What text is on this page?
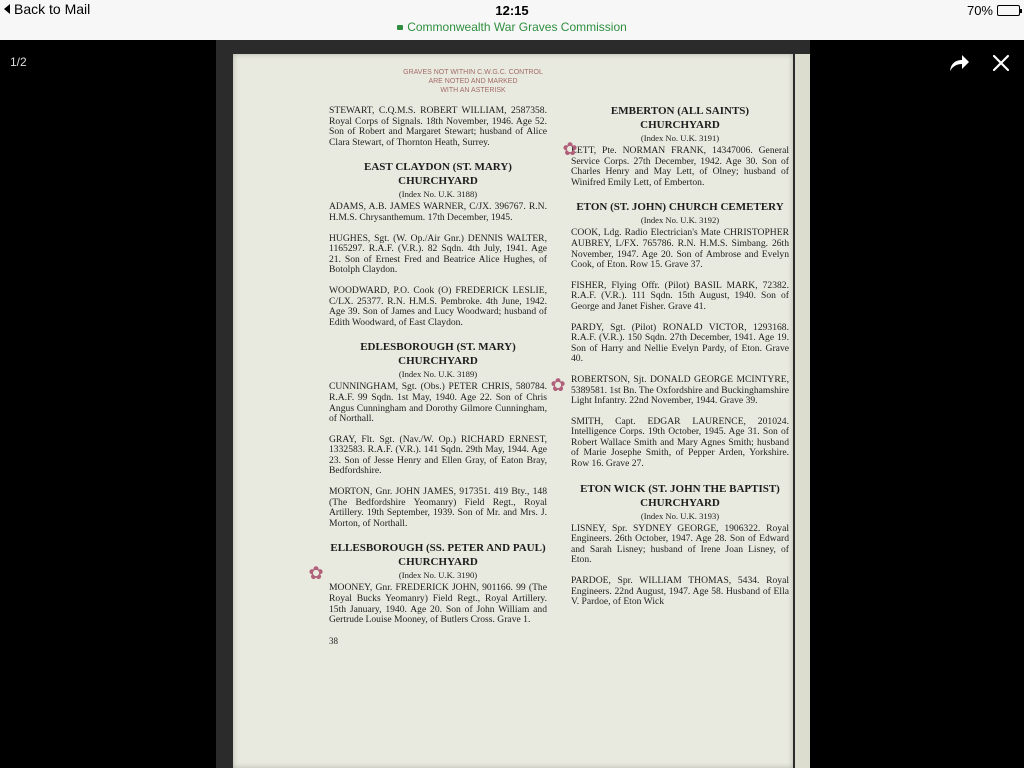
Back to Mail	12:15	70%
Commonwealth War Graves Commission
1/2
GRAVES NOT WITHIN C.W.G.C. CONTROL
ARE NOTED AND MARKED
WITH AN ASTERISK

STEWART, C.Q.M.S. ROBERT WILLIAM, 2587358. Royal Corps of Signals. 18th November, 1946. Age 52. Son of Robert and Margaret Stewart; husband of Alice Clara Stewart, of Thornton Heath, Surrey.

EAST CLAYDON (ST. MARY) CHURCHYARD
(Index No. U.K. 3188)

ADAMS, A.B. JAMES WARNER, C/JX. 396767. R.N. H.M.S. Chrysanthemum. 17th December, 1945.

HUGHES, Sgt. (W. Op./Air Gnr.) DENNIS WALTER, 1165297. R.A.F. (V.R.). 82 Sqdn. 4th July, 1941. Age 21. Son of Ernest Fred and Beatrice Alice Hughes, of Botolph Claydon.

WOODWARD, P.O. Cook (O) FREDERICK LESLIE, C/LX. 25377. R.N. H.M.S. Pembroke. 4th June, 1942. Age 39. Son of James and Lucy Woodward; husband of Edith Woodward, of East Claydon.

EDLESBOROUGH (ST. MARY) CHURCHYARD
(Index No. U.K. 3189)

CUNNINGHAM, Sgt. (Obs.) PETER CHRIS, 580784. R.A.F. 99 Sqdn. 1st May, 1940. Age 22. Son of Chris Angus Cunningham and Dorothy Gilmore Cunningham, of Northall.

GRAY, Flt. Sgt. (Nav./W. Op.) RICHARD ERNEST, 1332583. R.A.F. (V.R.). 141 Sqdn. 29th May, 1944. Age 23. Son of Jesse Henry and Ellen Gray, of Eaton Bray, Bedfordshire.

MORTON, Gnr. JOHN JAMES, 917351. 419 Bty., 148 (The Bedfordshire Yeomanry) Field Regt., Royal Artillery. 19th September, 1939. Son of Mr. and Mrs. J. Morton, of Northall.

ELLESBOROUGH (SS. PETER AND PAUL) CHURCHYARD
(Index No. U.K. 3190)

MOONEY, Gnr. FREDERICK JOHN, 901166. 99 (The Royal Bucks Yeomanry) Field Regt., Royal Artillery. 15th January, 1940. Age 20. Son of John William and Gertrude Louise Mooney, of Butlers Cross. Grave 1.

38
EMBERTON (ALL SAINTS) CHURCHYARD
(Index No. U.K. 3191)

LETT, Pte. NORMAN FRANK, 14347006. General Service Corps. 27th December, 1942. Age 30. Son of Charles Henry and May Lett, of Olney; husband of Winifred Emily Lett, of Emberton.

ETON (ST. JOHN) CHURCH CEMETERY
(Index No. U.K. 3192)

COOK, Ldg. Radio Electrician's Mate CHRISTOPHER AUBREY, L/FX. 765786. R.N. H.M.S. Simbang. 26th November, 1947. Age 20. Son of Ambrose and Evelyn Cook, of Eton. Row 15. Grave 37.

FISHER, Flying Offr. (Pilot) BASIL MARK, 72382. R.A.F. (V.R.). 111 Sqdn. 15th August, 1940. Son of George and Janet Fisher. Grave 41.

PARDY, Sgt. (Pilot) RONALD VICTOR, 1293168. R.A.F. (V.R.). 150 Sqdn. 27th December, 1941. Age 19. Son of Harry and Nellie Evelyn Pardy, of Eton. Grave 40.

ROBERTSON, Sjt. DONALD GEORGE MCINTYRE, 5389581. 1st Bn. The Oxfordshire and Buckinghamshire Light Infantry. 22nd November, 1944. Grave 39.

SMITH, Capt. EDGAR LAURENCE, 201024. Intelligence Corps. 19th October, 1945. Age 31. Son of Robert Wallace Smith and Mary Agnes Smith; husband of Marie Josephe Smith, of Pepper Arden, Yorkshire. Row 16. Grave 27.

ETON WICK (ST. JOHN THE BAPTIST) CHURCHYARD
(Index No. U.K. 3193)

LISNEY, Spr. SYDNEY GEORGE, 1906322. Royal Engineers. 26th October, 1947. Age 28. Son of Edward and Sarah Lisney; husband of Irene Joan Lisney, of Eton.

PARDOE, Spr. WILLIAM THOMAS, 5434. Royal Engineers. 22nd August, 1947. Age 58. Husband of Ella V. Pardoe, of Eton Wick

✿
✿
✿
